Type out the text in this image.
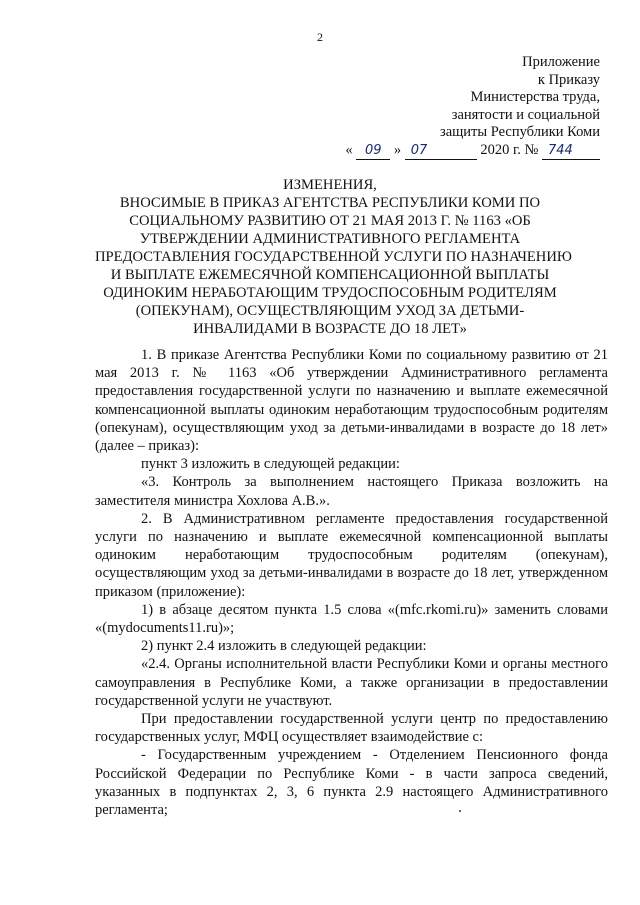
2
Приложение
к Приказу
Министерства труда,
занятости и социальной
защиты Республики Коми
« 09 » 07	2020 г. № 744
ИЗМЕНЕНИЯ,
ВНОСИМЫЕ В ПРИКАЗ АГЕНТСТВА РЕСПУБЛИКИ КОМИ ПО
СОЦИАЛЬНОМУ РАЗВИТИЮ ОТ 21 МАЯ 2013 Г. № 1163 «ОБ
УТВЕРЖДЕНИИ АДМИНИСТРАТИВНОГО РЕГЛАМЕНТА
ПРЕДОСТАВЛЕНИЯ ГОСУДАРСТВЕННОЙ УСЛУГИ ПО НАЗНАЧЕНИЮ
И ВЫПЛАТЕ ЕЖЕМЕСЯЧНОЙ КОМПЕНСАЦИОННОЙ ВЫПЛАТЫ
ОДИНОКИМ НЕРАБОТАЮЩИМ ТРУДОСПОСОБНЫМ РОДИТЕЛЯМ
(ОПЕКУНАМ), ОСУЩЕСТВЛЯЮЩИМ УХОД ЗА ДЕТЬМИ-
ИНВАЛИДАМИ В ВОЗРАСТЕ ДО 18 ЛЕТ»

1. В приказе Агентства Республики Коми по социальному развитию от 21 мая 2013 г. № 1163 «Об утверждении Административного регламента предоставления государственной услуги по назначению и выплате ежемесячной компенсационной выплаты одиноким неработающим трудоспособным родителям (опекунам), осуществляющим уход за детьми-инвалидами в возрасте до 18 лет» (далее – приказ):

пункт 3 изложить в следующей редакции:

«3. Контроль за выполнением настоящего Приказа возложить на заместителя министра Хохлова А.В.».

2. В Административном регламенте предоставления государственной услуги по назначению и выплате ежемесячной компенсационной выплаты одиноким неработающим трудоспособным родителям (опекунам), осуществляющим уход за детьми-инвалидами в возрасте до 18 лет, утвержденном приказом (приложение):

1) в абзаце десятом пункта 1.5 слова «(mfc.rkomi.ru)» заменить словами «(mydocuments11.ru)»;

2) пункт 2.4 изложить в следующей редакции:

«2.4. Органы исполнительной власти Республики Коми и органы местного самоуправления в Республике Коми, а также организации в предоставлении государственной услуги не участвуют.

При предоставлении государственной услуги центр по предоставлению государственных услуг, МФЦ осуществляет взаимодействие с:

- Государственным учреждением - Отделением Пенсионного фонда Российской Федерации по Республике Коми - в части запроса сведений, указанных в подпунктах 2, 3, 6 пункта 2.9 настоящего Административного регламента;
